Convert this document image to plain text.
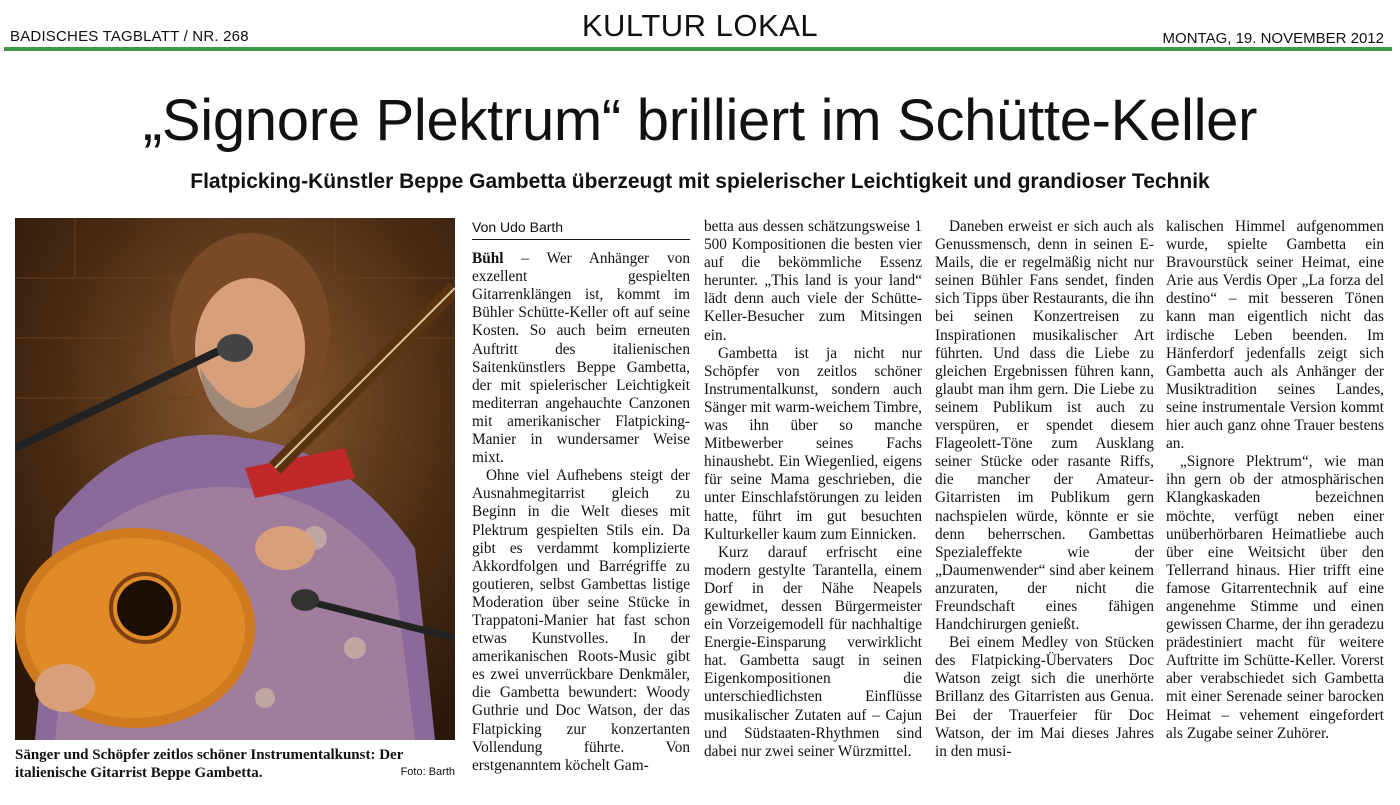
BADISCHES TAGBLATT / NR. 268	KULTUR LOKAL	MONTAG, 19. NOVEMBER 2012
„Signore Plektrum“ brilliert im Schütte-Keller
Flatpicking-Künstler Beppe Gambetta überzeugt mit spielerischer Leichtigkeit und grandioser Technik
Sänger und Schöpfer zeitlos schöner Instrumentalkunst: Der italienische Gitarrist Beppe Gambetta.	Foto: Barth
Von Udo Barth

Bühl – Wer Anhänger von exzellent gespielten Gitarrenklängen ist, kommt im Bühler Schütte-Keller oft auf seine Kosten. So auch beim erneuten Auftritt des italienischen Saitenkünstlers Beppe Gambetta, der mit spielerischer Leichtigkeit mediterran angehauchte Canzonen mit amerikanischer Flatpicking-Manier in wundersamer Weise mixt.

Ohne viel Aufhebens steigt der Ausnahmegitarrist gleich zu Beginn in die Welt dieses mit Plektrum gespielten Stils ein. Da gibt es verdammt komplizierte Akkordfolgen und Barrégriffe zu goutieren, selbst Gambettas listige Moderation über seine Stücke in Trappatoni-Manier hat fast schon etwas Kunstvolles. In der amerikanischen Roots-Music gibt es zwei unverrückbare Denkmäler, die Gambetta bewundert: Woody Guthrie und Doc Watson, der das Flatpicking zur konzertanten Vollendung führte. Von erstgenanntem köchelt Gam-

betta aus dessen schätzungsweise 1 500 Kompositionen die besten vier auf die bekömmliche Essenz herunter. „This land is your land“ lädt denn auch viele der Schütte-Keller-Besucher zum Mitsingen ein.

Gambetta ist ja nicht nur Schöpfer von zeitlos schöner Instrumentalkunst, sondern auch Sänger mit warm-weichem Timbre, was ihn über so manche Mitbewerber seines Fachs hinaushebt. Ein Wiegenlied, eigens für seine Mama geschrieben, die unter Einschlafstörungen zu leiden hatte, führt im gut besuchten Kulturkeller kaum zum Einnicken.

Kurz darauf erfrischt eine modern gestylte Tarantella, einem Dorf in der Nähe Neapels gewidmet, dessen Bürgermeister ein Vorzeigemodell für nachhaltige Energie-Einsparung verwirklicht hat. Gambetta saugt in seinen Eigenkompositionen die unterschiedlichsten Einflüsse musikalischer Zutaten auf – Cajun und Südstaaten-Rhythmen sind dabei nur zwei seiner Würzmittel.

Daneben erweist er sich auch als Genussmensch, denn in seinen E-Mails, die er regelmäßig nicht nur seinen Bühler Fans sendet, finden sich Tipps über Restaurants, die ihn bei seinen Konzertreisen zu Inspirationen musikalischer Art führten. Und dass die Liebe zu gleichen Ergebnissen führen kann, glaubt man ihm gern. Die Liebe zu seinem Publikum ist auch zu verspüren, er spendet diesem Flageolett-Töne zum Ausklang seiner Stücke oder rasante Riffs, die mancher der Amateur-Gitarristen im Publikum gern nachspielen würde, könnte er sie denn beherrschen. Gambettas Spezialeffekte wie der „Daumenwender“ sind aber keinem anzuraten, der nicht die Freundschaft eines fähigen Handchirurgen genießt.

Bei einem Medley von Stücken des Flatpicking-Übervaters Doc Watson zeigt sich die unerhörte Brillanz des Gitarristen aus Genua. Bei der Trauerfeier für Doc Watson, der im Mai dieses Jahres in den musi-

kalischen Himmel aufgenommen wurde, spielte Gambetta ein Bravourstück seiner Heimat, eine Arie aus Verdis Oper „La forza del destino“ – mit besseren Tönen kann man eigentlich nicht das irdische Leben beenden. Im Hänferdorf jedenfalls zeigt sich Gambetta auch als Anhänger der Musiktradition seines Landes, seine instrumentale Version kommt hier auch ganz ohne Trauer bestens an.

„Signore Plektrum“, wie man ihn gern ob der atmosphärischen Klangkaskaden bezeichnen möchte, verfügt neben einer unüberhörbaren Heimatliebe auch über eine Weitsicht über den Tellerrand hinaus. Hier trifft eine famose Gitarrentechnik auf eine angenehme Stimme und einen gewissen Charme, der ihn geradezu prädestiniert macht für weitere Auftritte im Schütte-Keller. Vorerst aber verabschiedet sich Gambetta mit einer Serenade seiner barocken Heimat – vehement eingefordert als Zugabe seiner Zuhörer.
